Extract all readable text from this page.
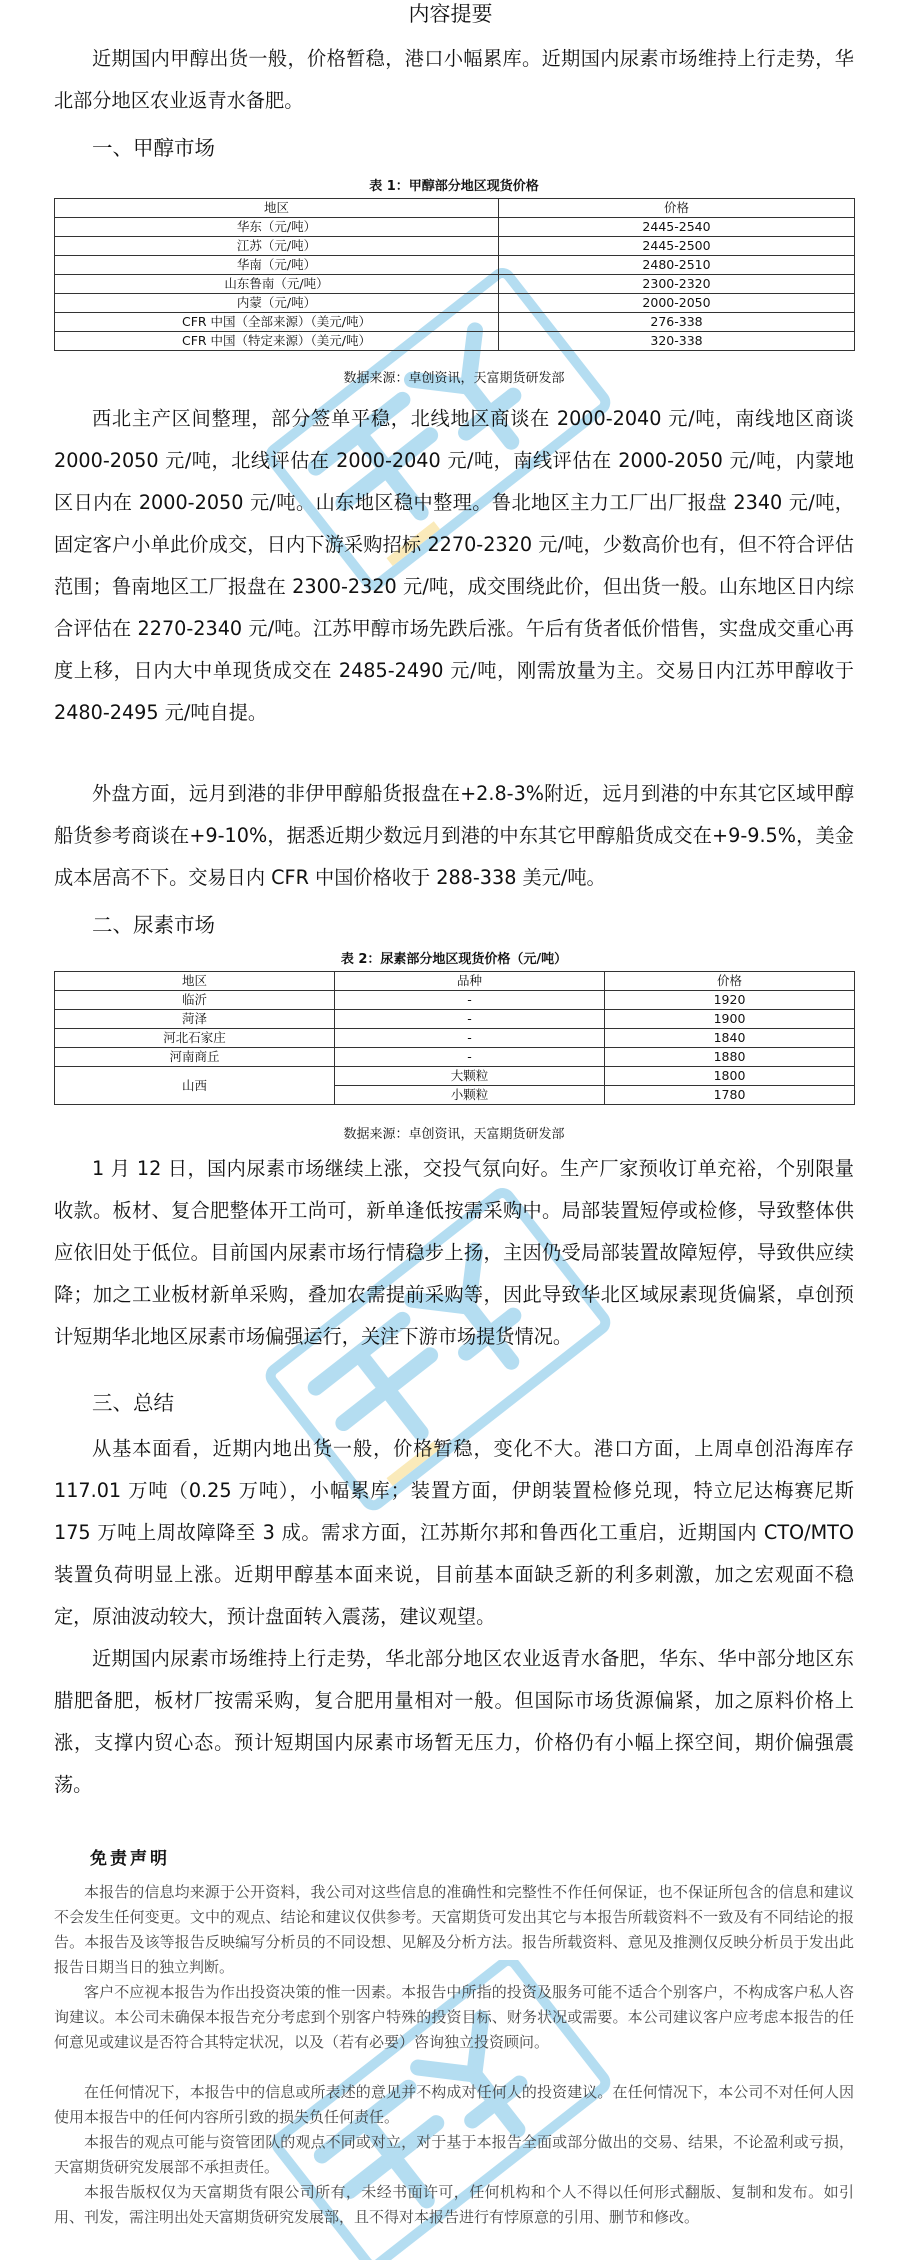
内容提要

近期国内甲醇出货一般，价格暂稳，港口小幅累库。近期国内尿素市场维持上行走势，华北部分地区农业返青水备肥。

一、甲醇市场
表 1：甲醇部分地区现货价格
地区	价格
华东（元/吨）	2445-2540
江苏（元/吨）	2445-2500
华南（元/吨）	2480-2510
山东鲁南（元/吨）	2300-2320
内蒙（元/吨）	2000-2050
CFR 中国（全部来源）（美元/吨）	276-338
CFR 中国（特定来源）（美元/吨）	320-338
数据来源：卓创资讯，天富期货研发部

西北主产区间整理，部分签单平稳，北线地区商谈在 2000-2040 元/吨，南线地区商谈 2000-2050 元/吨，北线评估在 2000-2040 元/吨，南线评估在 2000-2050 元/吨，内蒙地区日内在 2000-2050 元/吨。山东地区稳中整理。鲁北地区主力工厂出厂报盘 2340 元/吨，固定客户小单此价成交，日内下游采购招标 2270-2320 元/吨，少数高价也有，但不符合评估范围；鲁南地区工厂报盘在 2300-2320 元/吨，成交围绕此价，但出货一般。山东地区日内综合评估在 2270-2340 元/吨。江苏甲醇市场先跌后涨。午后有货者低价惜售，实盘成交重心再度上移，日内大中单现货成交在 2485-2490 元/吨，刚需放量为主。交易日内江苏甲醇收于 2480-2495 元/吨自提。

外盘方面，远月到港的非伊甲醇船货报盘在+2.8-3%附近，远月到港的中东其它区域甲醇船货参考商谈在+9-10%，据悉近期少数远月到港的中东其它甲醇船货成交在+9-9.5%，美金成本居高不下。交易日内 CFR 中国价格收于 288-338 美元/吨。

二、尿素市场
表 2：尿素部分地区现货价格（元/吨）
地区	品种	价格
临沂	-	1920
菏泽	-	1900
河北石家庄	-	1840
河南商丘	-	1880
山西	大颗粒	1800
	小颗粒	1780
数据来源：卓创资讯，天富期货研发部

1 月 12 日，国内尿素市场继续上涨，交投气氛向好。生产厂家预收订单充裕，个别限量收款。板材、复合肥整体开工尚可，新单逢低按需采购中。局部装置短停或检修，导致整体供应依旧处于低位。目前国内尿素市场行情稳步上扬，主因仍受局部装置故障短停，导致供应续降；加之工业板材新单采购，叠加农需提前采购等，因此导致华北区域尿素现货偏紧，卓创预计短期华北地区尿素市场偏强运行，关注下游市场提货情况。

三、总结

从基本面看，近期内地出货一般，价格暂稳，变化不大。港口方面，上周卓创沿海库存 117.01 万吨（0.25 万吨），小幅累库；装置方面，伊朗装置检修兑现，特立尼达梅赛尼斯 175 万吨上周故障降至 3 成。需求方面，江苏斯尔邦和鲁西化工重启，近期国内 CTO/MTO 装置负荷明显上涨。近期甲醇基本面来说，目前基本面缺乏新的利多刺激，加之宏观面不稳定，原油波动较大，预计盘面转入震荡，建议观望。

近期国内尿素市场维持上行走势，华北部分地区农业返青水备肥，华东、华中部分地区东腊肥备肥，板材厂按需采购，复合肥用量相对一般。但国际市场货源偏紧，加之原料价格上涨，支撑内贸心态。预计短期国内尿素市场暂无压力，价格仍有小幅上探空间，期价偏强震荡。

免责声明

本报告的信息均来源于公开资料，我公司对这些信息的准确性和完整性不作任何保证，也不保证所包含的信息和建议不会发生任何变更。文中的观点、结论和建议仅供参考。天富期货可发出其它与本报告所载资料不一致及有不同结论的报告。本报告及该等报告反映编写分析员的不同设想、见解及分析方法。报告所载资料、意见及推测仅反映分析员于发出此报告日期当日的独立判断。

客户不应视本报告为作出投资决策的惟一因素。本报告中所指的投资及服务可能不适合个别客户，不构成客户私人咨询建议。本公司未确保本报告充分考虑到个别客户特殊的投资目标、财务状况或需要。本公司建议客户应考虑本报告的任何意见或建议是否符合其特定状况，以及（若有必要）咨询独立投资顾问。

在任何情况下，本报告中的信息或所表述的意见并不构成对任何人的投资建议。在任何情况下，本公司不对任何人因使用本报告中的任何内容所引致的损失负任何责任。

本报告的观点可能与资管团队的观点不同或对立，对于基于本报告全面或部分做出的交易、结果，不论盈利或亏损，天富期货研究发展部不承担责任。

本报告版权仅为天富期货有限公司所有，未经书面许可，任何机构和个人不得以任何形式翻版、复制和发布。如引用、刊发，需注明出处天富期货研究发展部，且不得对本报告进行有悖原意的引用、删节和修改。
